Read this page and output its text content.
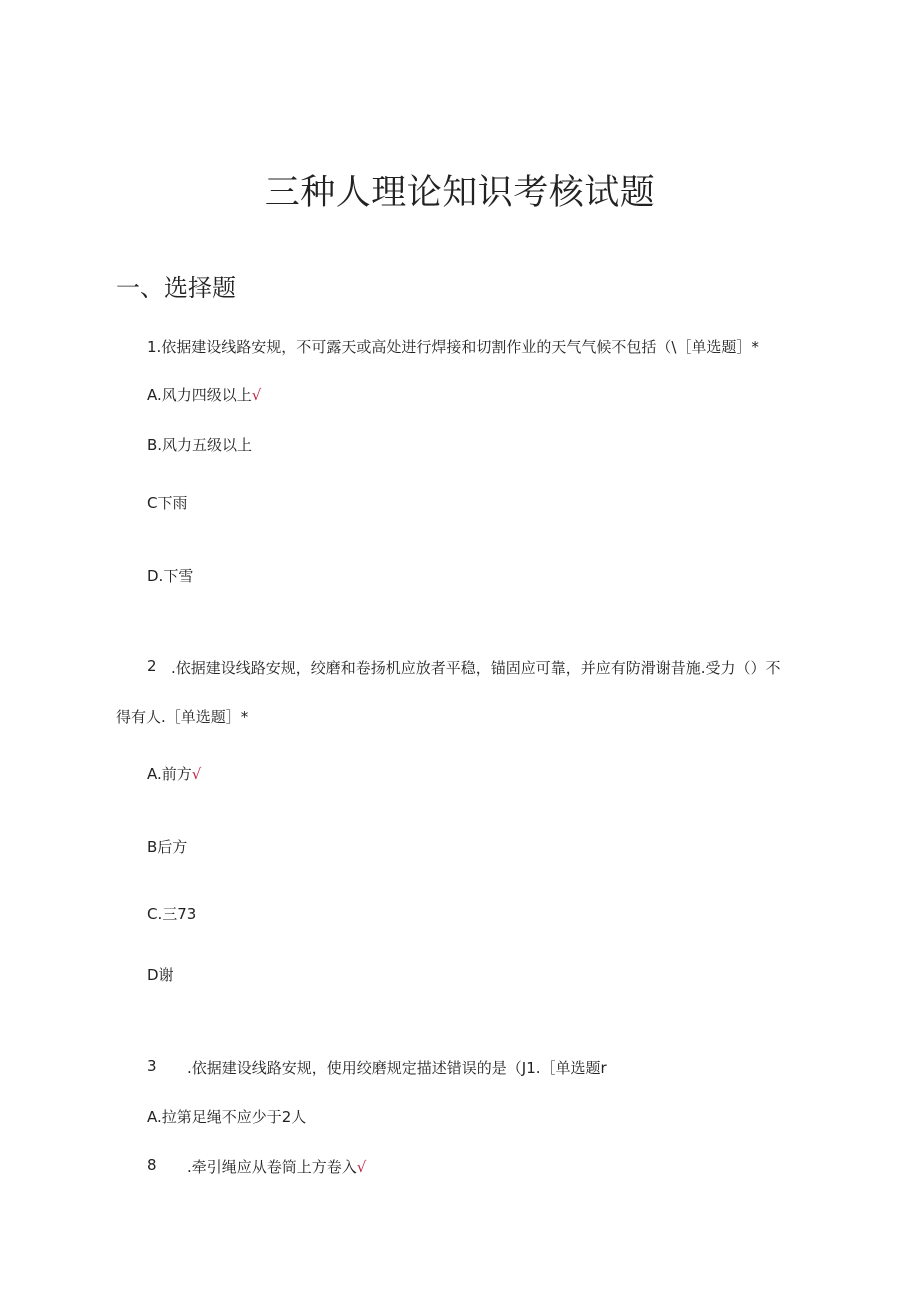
三种人理论知识考核试题
一、选择题
1.依据建设线路安规，不可露天或高处进行焊接和切割作业的天气气候不包括（\［单选题］*
A.风力四级以上√
B.风力五级以上
C下雨
D.下雪
2 .依据建设线路安规，绞磨和卷扬机应放者平稳，锚固应可靠，并应有防滑谢昔施.受力（）不
得有人.［单选题］*
A.前方√
B后方
C.三73
D谢
3 .依据建设线路安规，使用绞磨规定描述错误的是（J1.［单选题r
A.拉第足绳不应少于2人
8 .牵引绳应从卷筒上方卷入√
